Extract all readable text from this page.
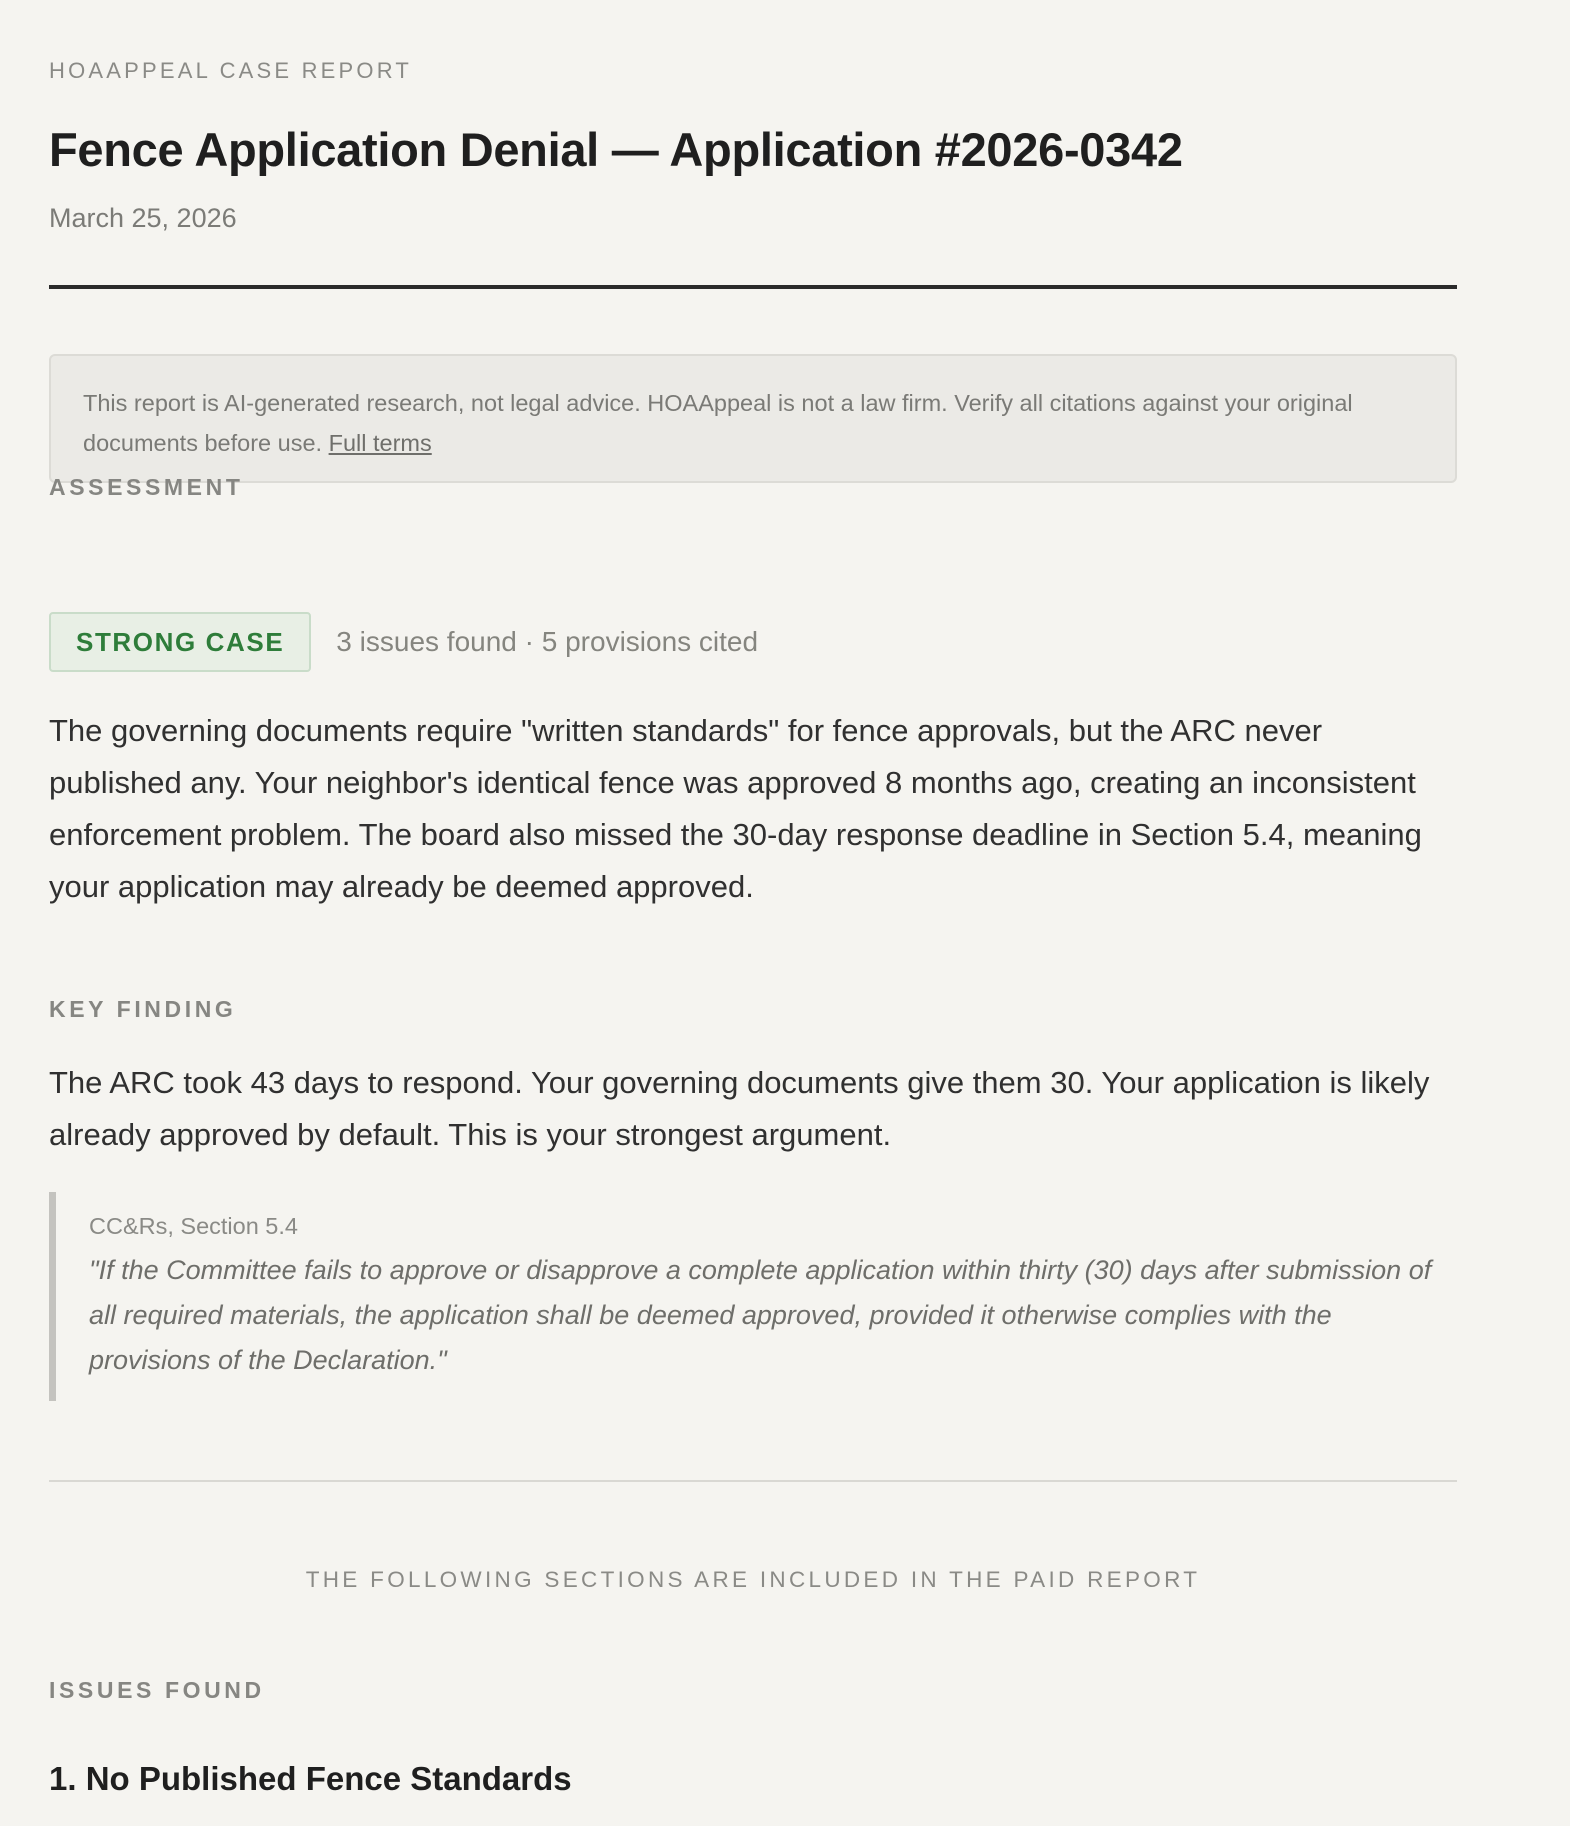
HOAAPPEAL CASE REPORT
Fence Application Denial — Application #2026-0342
March 25, 2026
This report is AI-generated research, not legal advice. HOAAppeal is not a law firm. Verify all citations against your original documents before use. Full terms
ASSESSMENT
STRONG CASE	3 issues found · 5 provisions cited

The governing documents require "written standards" for fence approvals, but the ARC never published any. Your neighbor's identical fence was approved 8 months ago, creating an inconsistent enforcement problem. The board also missed the 30-day response deadline in Section 5.4, meaning your application may already be deemed approved.

KEY FINDING

The ARC took 43 days to respond. Your governing documents give them 30. Your application is likely already approved by default. This is your strongest argument.

CC&Rs, Section 5.4
"If the Committee fails to approve or disapprove a complete application within thirty (30) days after submission of all required materials, the application shall be deemed approved, provided it otherwise complies with the provisions of the Declaration."
THE FOLLOWING SECTIONS ARE INCLUDED IN THE PAID REPORT
ISSUES FOUND
1. No Published Fence Standards
